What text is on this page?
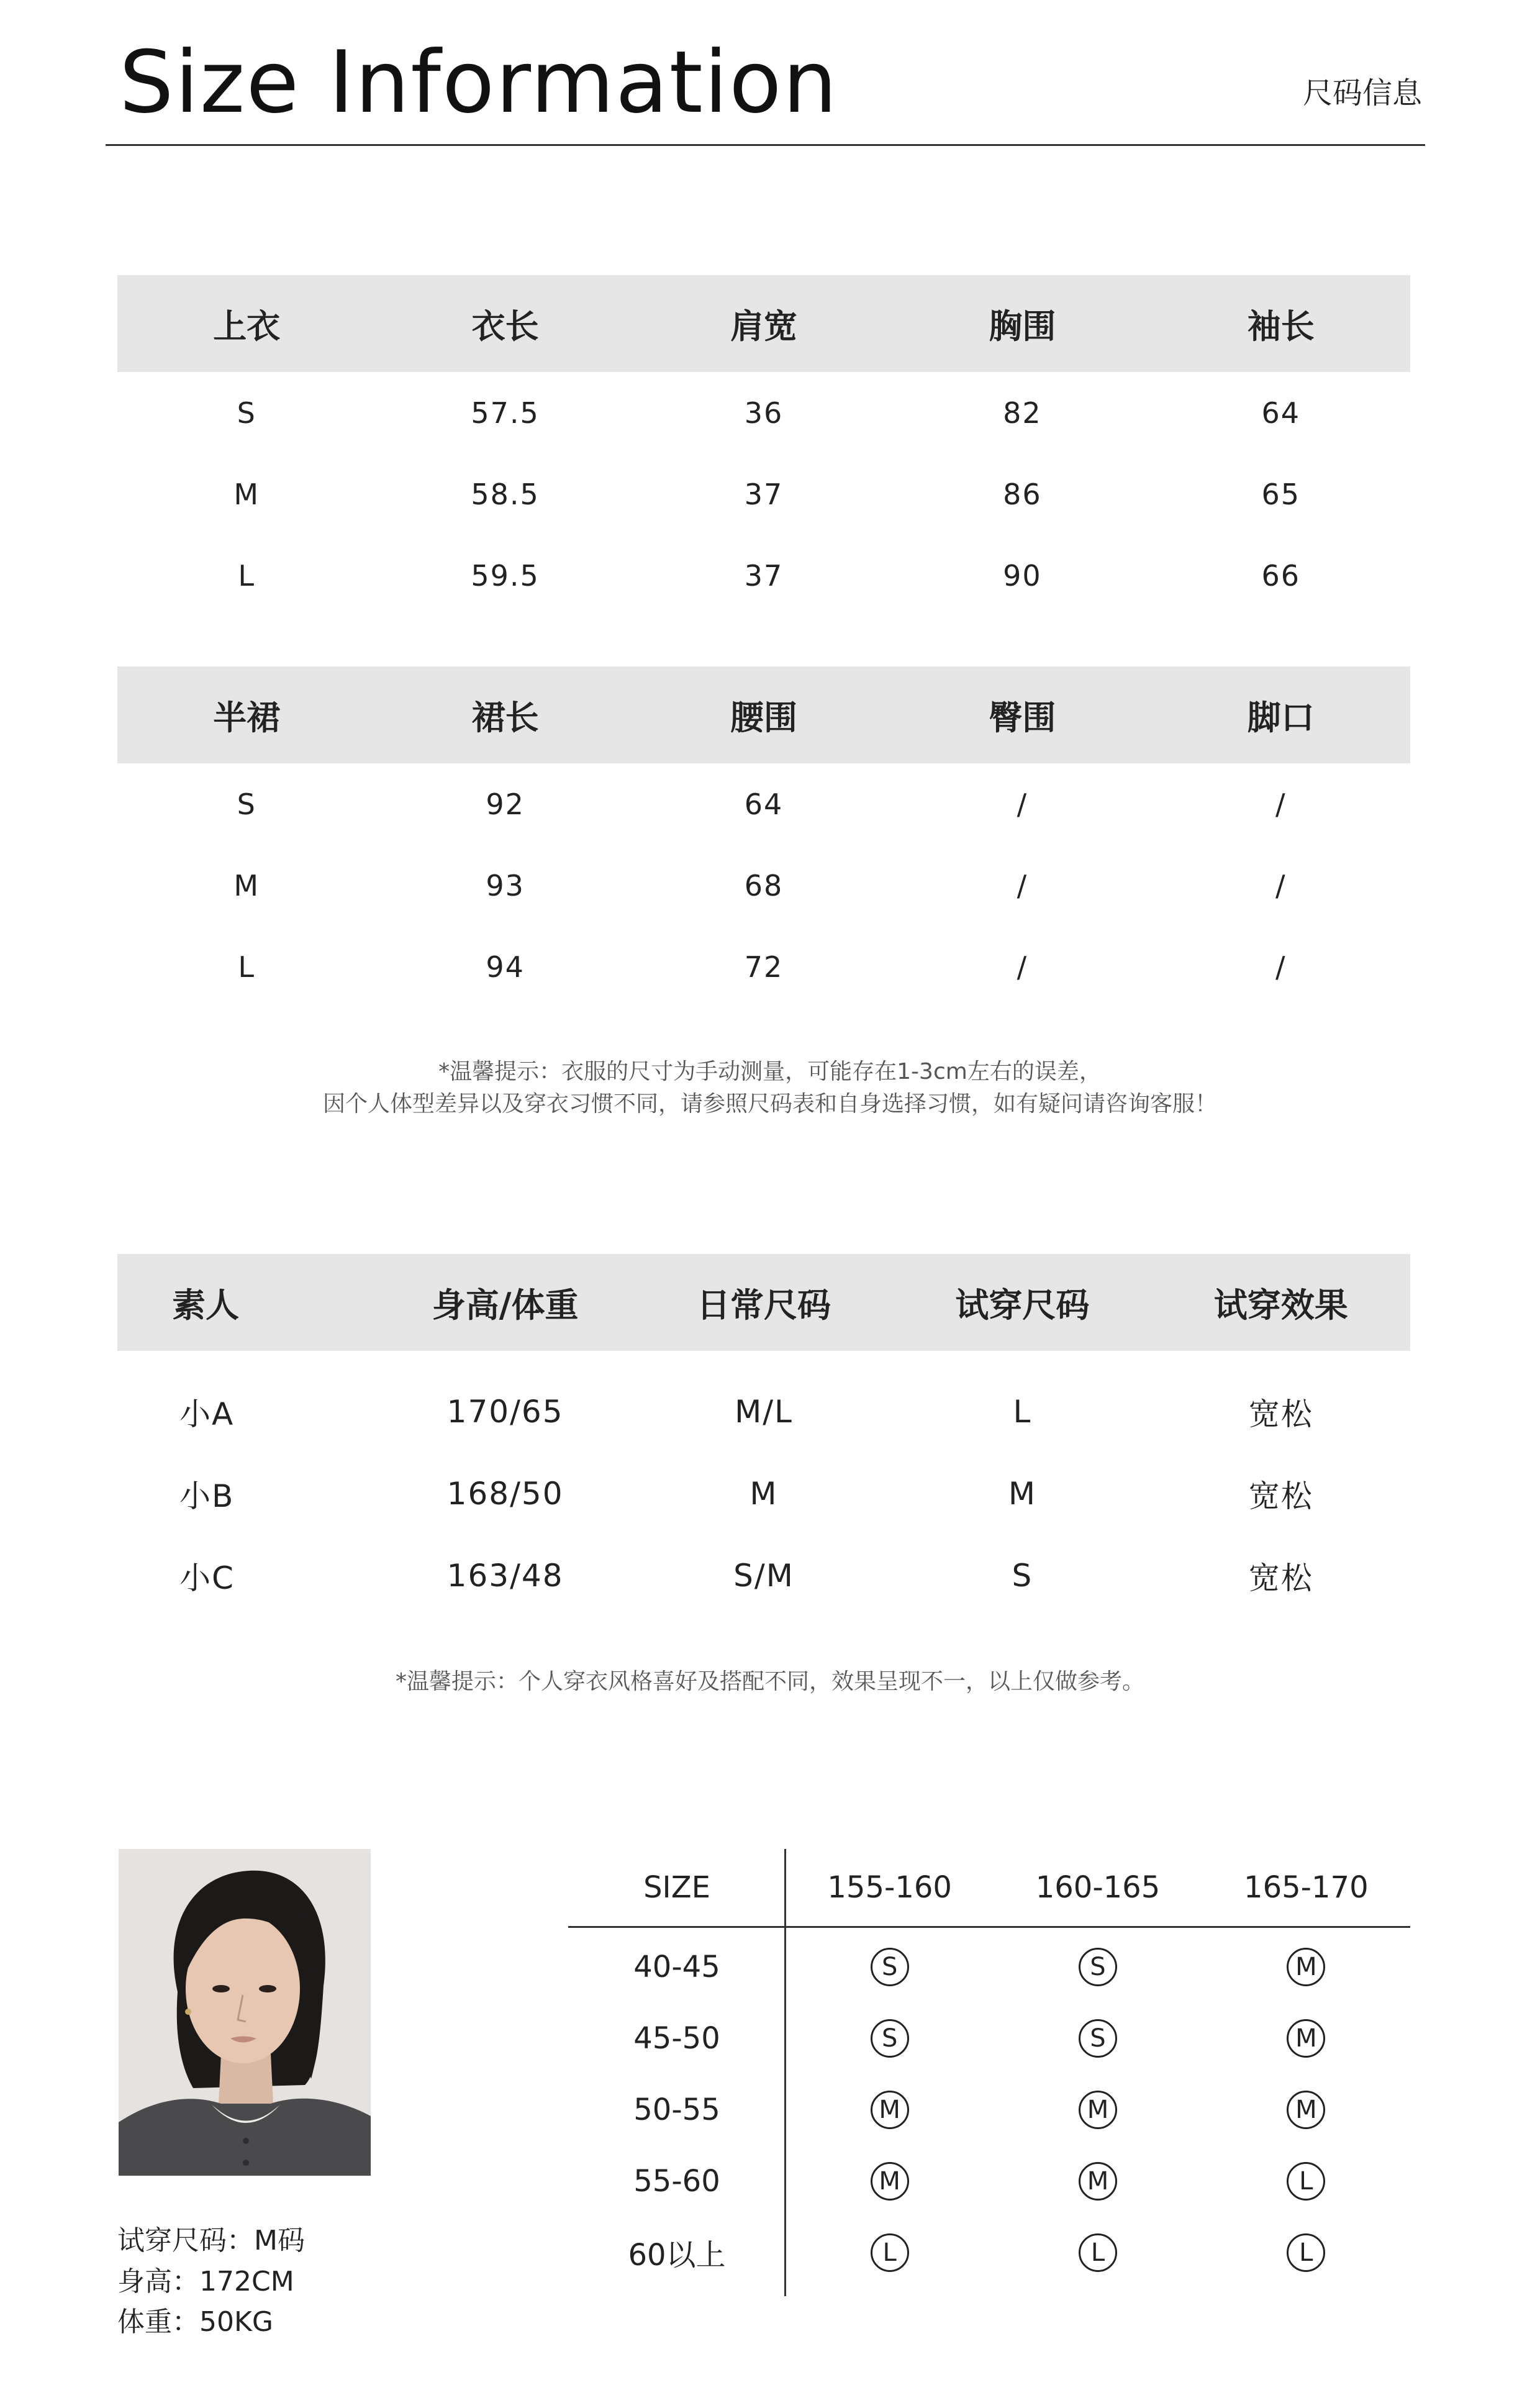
Size Information	尺码信息
上衣	衣长	肩宽	胸围	袖长
S	57.5	36	82	64
M	58.5	37	86	65
L	59.5	37	90	66
半裙	裙长	腰围	臀围	脚口
S	92	64	/	/
M	93	68	/	/
L	94	72	/	/
*温馨提示：衣服的尺寸为手动测量，可能存在1-3cm左右的误差，
因个人体型差异以及穿衣习惯不同，请参照尺码表和自身选择习惯，如有疑问请咨询客服！
素人	身高/体重	日常尺码	试穿尺码	试穿效果
小A	170/65	M/L	L	宽松
小B	168/50	M	M	宽松
小C	163/48	S/M	S	宽松
*温馨提示：个人穿衣风格喜好及搭配不同，效果呈现不一，以上仅做参考。
试穿尺码：M码
身高：172CM
体重：50KG
SIZE	155-160	160-165	165-170
40-45	S	S	M
45-50	S	S	M
50-55	M	M	M
55-60	M	M	L
60以上	L	L	L
